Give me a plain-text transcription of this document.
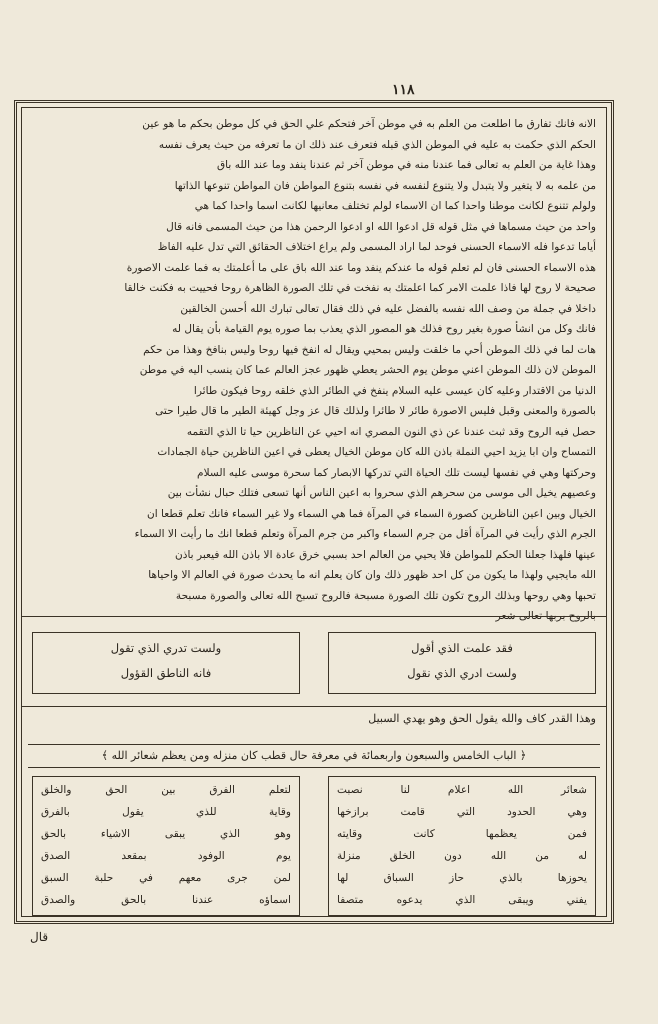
١١٨

الانه فانك تفارق ما اطلعت من العلم به في موطن آخر فتحكم علي الحق في كل موطن بحكم ما هو عين

الحكم الذي حكمت به عليه في الموطن الذي قبله فتعرف عند ذلك ان ما تعرفه من حيث يعرف نفسه

وهذا غاية من العلم به تعالى فما عندنا منه في موطن آخر ثم عندنا ينفد وما عند الله باق

من علمه به لا يتغير ولا يتبدل ولا يتنوع لنفسه في نفسه بتنوع المواطن فان المواطن تنوعها الذاتها

ولولم تتنوع لكانت موطنا واحدا كما ان الاسماء لولم تختلف معانيها لكانت اسما واحدا كما هي

واحد من حيث مسماها في مثل قوله قل ادعوا الله او ادعوا الرحمن هذا من حيث المسمى فانه قال

أياما تدعوا فله الاسماء الحسنى فوحد لما اراد المسمى ولم يراع اختلاف الحقائق التي تدل عليه الفاظ

هذه الاسماء الحسنى فان لم تعلم قوله ما عندكم ينفد وما عند الله باق على ما أعلمتك به فما علمت الاصورة

صحيحة لا روح لها فاذا علمت الامر كما اعلمتك به نفخت في تلك الصورة الظاهرة روحا فحييت به فكنت خالقا

داخلا في جملة من وصف الله نفسه بالفضل عليه في ذلك فقال تعالى تبارك الله أحسن الخالقين

فانك وكل من انشأ صورة بغير روح فذلك هو المصور الذي يعذب بما صوره يوم القيامة بأن يقال له

هات لما في ذلك الموطن أحي ما خلقت وليس بمحيي ويقال له انفخ فيها روحا وليس بنافخ وهذا من حكم

الموطن لان ذلك الموطن اعني موطن يوم الحشر يعطي ظهور عجز العالم عما كان ينسب اليه في موطن

الدنيا من الاقتدار وعليه كان عيسى عليه السلام ينفخ في الطائر الذي خلقه روحا فيكون طائرا

بالصورة والمعنى وقبل فليس الاصورة طائر لا طائرا ولذلك قال عز وجل كهيئة الطير ما قال طيرا حتى

حصل فيه الروح وقد ثبت عندنا عن ذي النون المصري انه احيي عن الناظرين حيا تا الذي التقمه

التمساح وان ابا يزيد احيي النملة باذن الله كان موطن الخيال يعطى في اعين الناظرين حياة الجمادات

وحركتها وهي في نفسها ليست تلك الحياة التي تدركها الابصار كما سحرة موسى عليه السلام

وعصيهم يخيل الى موسى من سحرهم الذي سحروا به اعين الناس أنها تسعى فتلك حبال نشأت بين

الخيال وبين اعين الناظرين كصورة السماء في المرآة فما هي السماء ولا غير السماء فانك تعلم قطعا ان

الجرم الذي رأيت في المرآة أقل من جرم السماء واكبر من جرم المرآة وتعلم قطعا انك ما رأيت الا السماء

عينها فلهذا جعلنا الحكم للمواطن فلا يحيي من العالم احد بسبي خرق عادة الا باذن الله فيعبر باذن

الله مايجيي ولهذا ما يكون من كل احد ظهور ذلك وان كان يعلم انه ما يحدث صورة في العالم الا واحياها

تحبها وهي روحها وبذلك الروح تكون تلك الصورة مسبحة فالروح تسبح الله تعالى والصورة مسبحة

بالروح بربها تعالى شعر

فقد علمت الذي أقول
ولست ادري الذي نقول
ولست تدري الذي تقول
فانه الناطق القؤول
وهذا القدر كاف والله يقول الحق وهو يهدي السبيل
﴿ الباب الخامس والسبعون واربعمائة في معرفة حال قطب كان منزله ومن يعظم شعائر الله ﴾
شعائر الله اعلام لنا نصبت
وهي الحدود التي قامت برازخها
فمن يعظمها كانت وقايته
له من الله دون الخلق منزلة
يحوزها بالذي حاز السباق لها
يفني ويبقى الذي يدعوه متصفا
لتعلم الفرق بين الحق والخلق
وقاية للذي يقول بالفرق
وهو الذي يبقى الاشياء بالحق
يوم الوفود بمقعد الصدق
لمن جرى معهم في حلبة السبق
اسماؤه عندنا بالحق والصدق
قال
